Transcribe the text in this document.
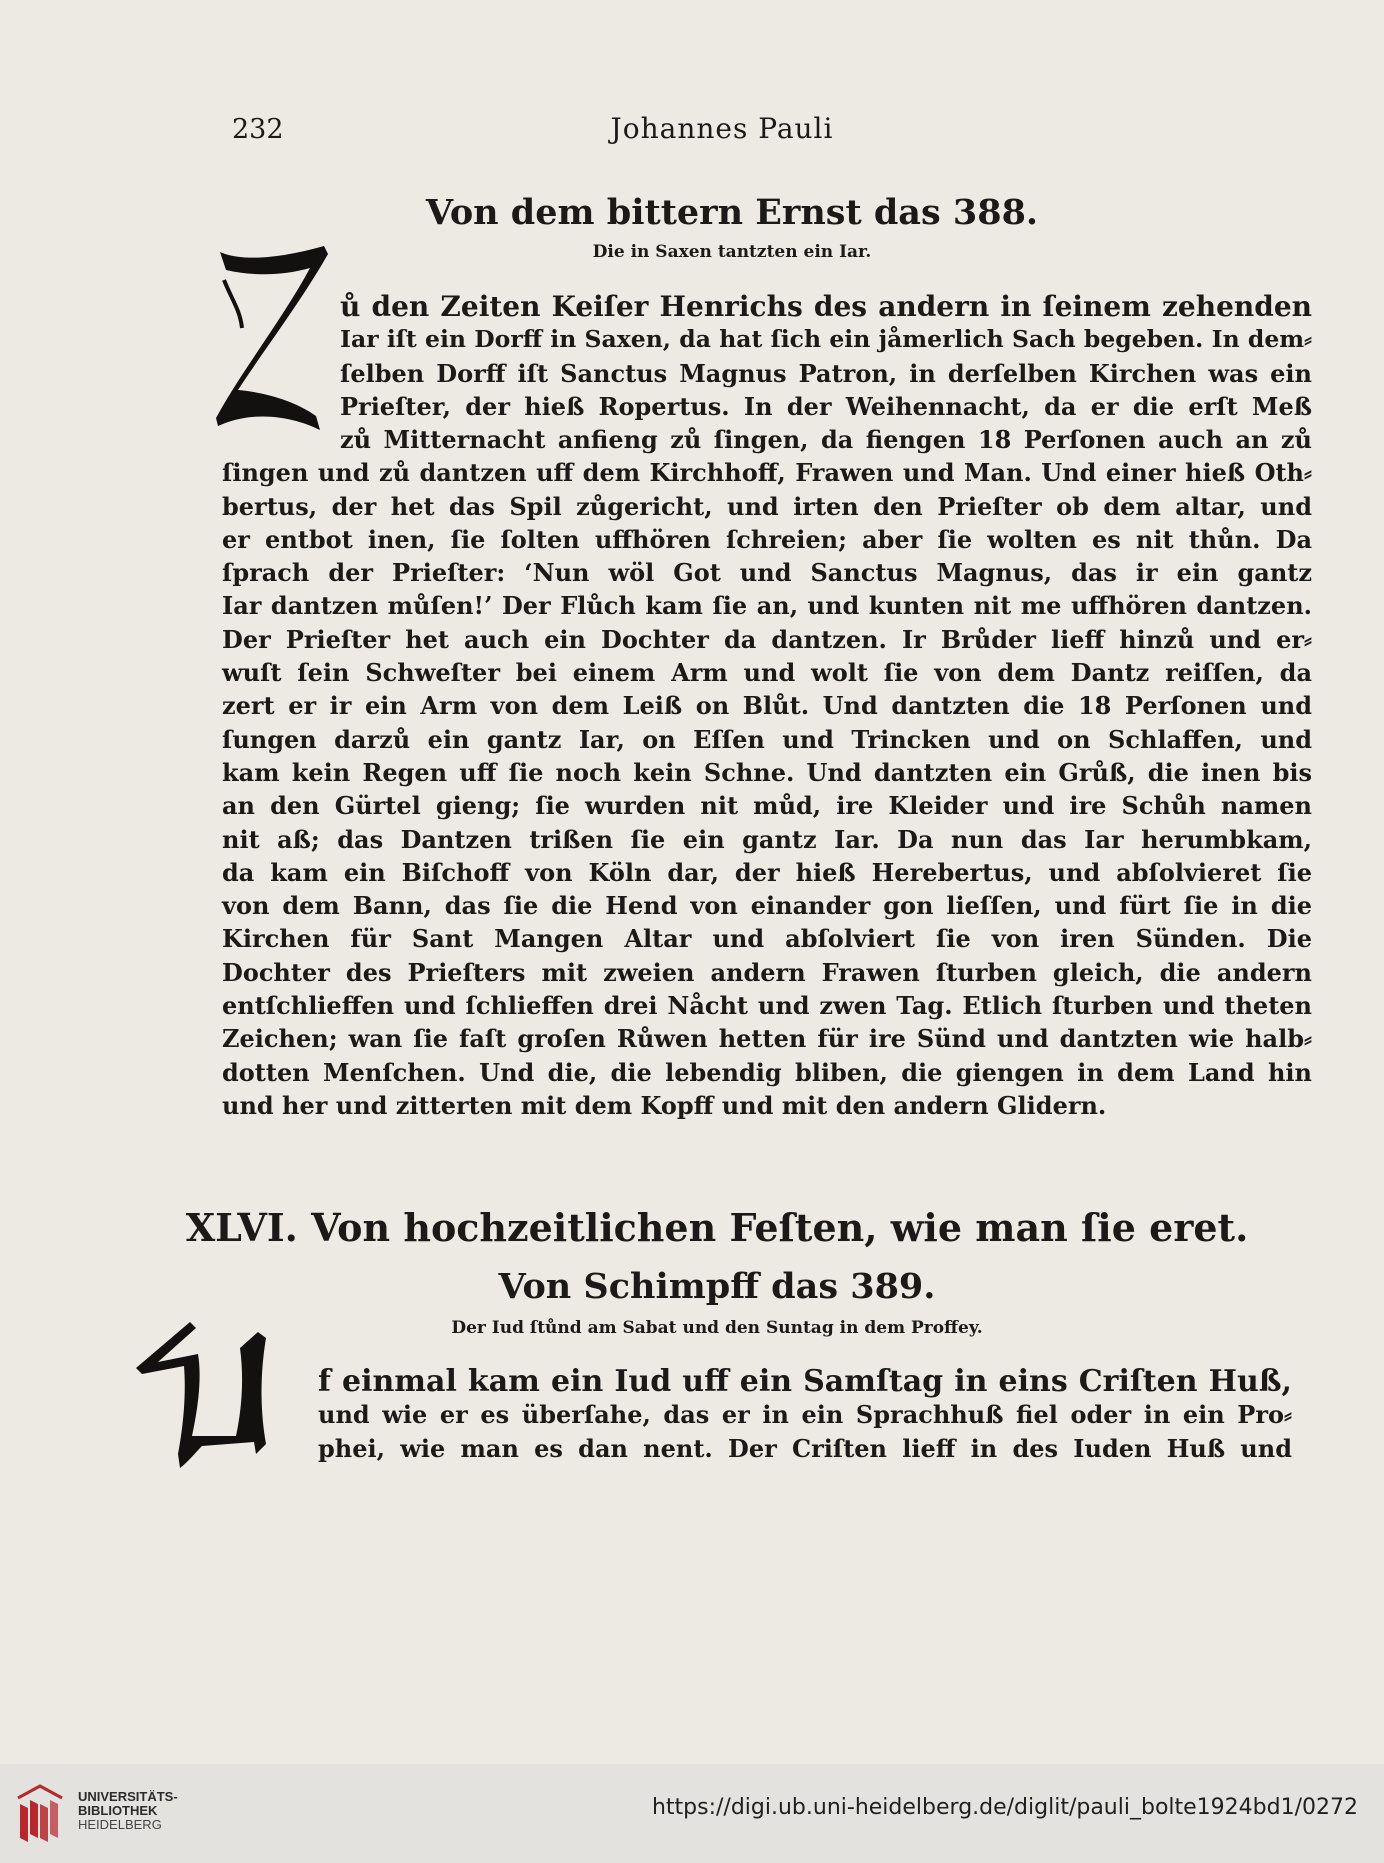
232	Johannes Pauli
Von dem bittern Ernst das 388.
Die in Saxen tantzten ein Iar.
ů den Zeiten Keiſer Henrichs des andern in ſeinem zehenden
Iar iſt ein Dorff in Saxen, da hat ſich ein jåmerlich Sach begeben. In dem⸗
ſelben Dorff iſt Sanctus Magnus Patron, in derſelben Kirchen was ein
Prieſter, der hieß Ropertus. In der Weihennacht, da er die erſt Meß
zů Mitternacht anfieng zů ſingen, da fiengen 18 Perſonen auch an zů
ſingen und zů dantzen uff dem Kirchhoff, Frawen und Man. Und einer hieß Oth⸗
bertus, der het das Spil zůgericht, und irten den Prieſter ob dem altar, und
er entbot inen, ſie ſolten uffhören ſchreien; aber ſie wolten es nit thůn. Da
ſprach der Prieſter: ‘Nun wöl Got und Sanctus Magnus, das ir ein gantz
Iar dantzen můſen!’ Der Flůch kam ſie an, und kunten nit me uffhören dantzen.
Der Prieſter het auch ein Dochter da dantzen. Ir Brůder lieff hinzů und er⸗
wuſt ſein Schweſter bei einem Arm und wolt ſie von dem Dantz reiſſen, da
zert er ir ein Arm von dem Leiß on Blůt. Und dantzten die 18 Perſonen und
ſungen darzů ein gantz Iar, on Eſſen und Trincken und on Schlaffen, und
kam kein Regen uff ſie noch kein Schne. Und dantzten ein Grůß, die inen bis
an den Gürtel gieng; ſie wurden nit můd, ire Kleider und ire Schůh namen
nit aß; das Dantzen trißen ſie ein gantz Iar. Da nun das Iar herumbkam,
da kam ein Biſchoff von Köln dar, der hieß Herebertus, und abſolvieret ſie
von dem Bann, das ſie die Hend von einander gon lieſſen, und fürt ſie in die
Kirchen für Sant Mangen Altar und abſolviert ſie von iren Sünden. Die
Dochter des Prieſters mit zweien andern Frawen ſturben gleich, die andern
entſchlieffen und ſchlieffen drei Nåcht und zwen Tag. Etlich ſturben und theten
Zeichen; wan ſie faſt groſen Růwen hetten für ire Sünd und dantzten wie halb⸗
dotten Menſchen. Und die, die lebendig bliben, die giengen in dem Land hin
und her und zitterten mit dem Kopff und mit den andern Glidern.
XLVI. Von hochzeitlichen Feſten, wie man ſie eret.
Von Schimpff das 389.
Der Iud ſtůnd am Sabat und den Suntag in dem Proffey.
f einmal kam ein Iud uff ein Samſtag in eins Criſten Huß,
und wie er es überſahe, das er in ein Sprachhuß fiel oder in ein Pro⸗
phei, wie man es dan nent. Der Criſten lieff in des Iuden Huß und
UNIVERSITÄTS-
BIBLIOTHEK
HEIDELBERG
https://digi.ub.uni-heidelberg.de/diglit/pauli_bolte1924bd1/0272
